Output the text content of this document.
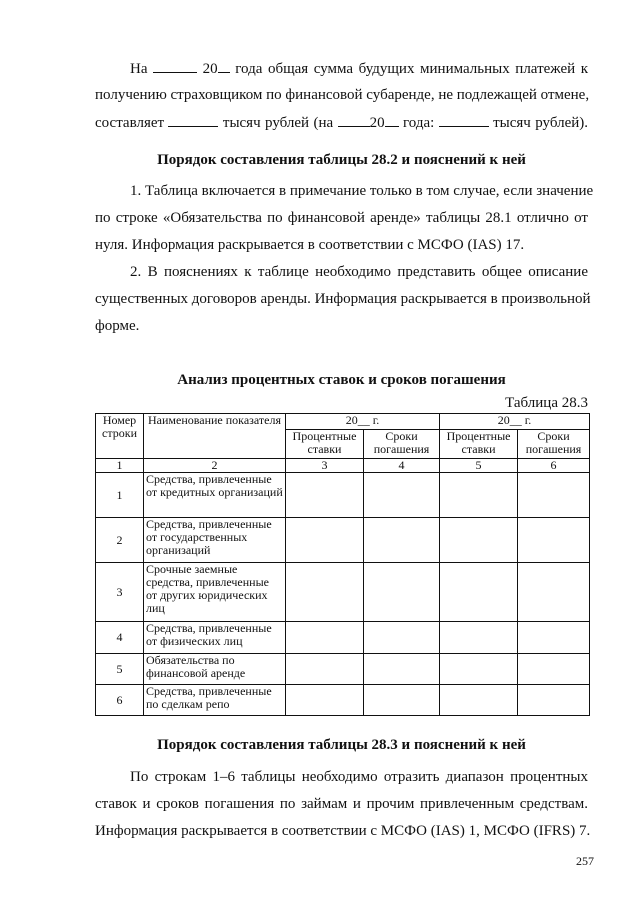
На	20 года общая сумма будущих минимальных платежей к
получению страховщиком по финансовой субаренде, не подлежащей отмене,
составляет	тысяч рублей (на 20 года:	тысяч рублей).
Порядок составления таблицы 28.2 и пояснений к ней
1. Таблица включается в примечание только в том случае, если значение
по строке «Обязательства по финансовой аренде» таблицы 28.1 отлично от
нуля. Информация раскрывается в соответствии с МСФО (IAS) 17.
2. В пояснениях к таблице необходимо представить общее описание
существенных договоров аренды. Информация раскрывается в произвольной
форме.
Анализ процентных ставок и сроков погашения
Таблица 28.3
Номер строки	Наименование показателя	20__ г.		20__ г.	
		Процентные ставки	Сроки погашения	Процентные ставки	Сроки погашения
1	2	3	4	5	6
1	Средства, привлеченные от кредитных организаций				
2	Средства, привлеченные от государственных организаций				
3	Срочные заемные средства, привлеченные от других юридических лиц				
4	Средства, привлеченные от физических лиц				
5	Обязательства по финансовой аренде				
6	Средства, привлеченные по сделкам репо				
Порядок составления таблицы 28.3 и пояснений к ней
По строкам 1–6 таблицы необходимо отразить диапазон процентных
ставок и сроков погашения по займам и прочим привлеченным средствам.
Информация раскрывается в соответствии с МСФО (IAS) 1, МСФО (IFRS) 7.
257
